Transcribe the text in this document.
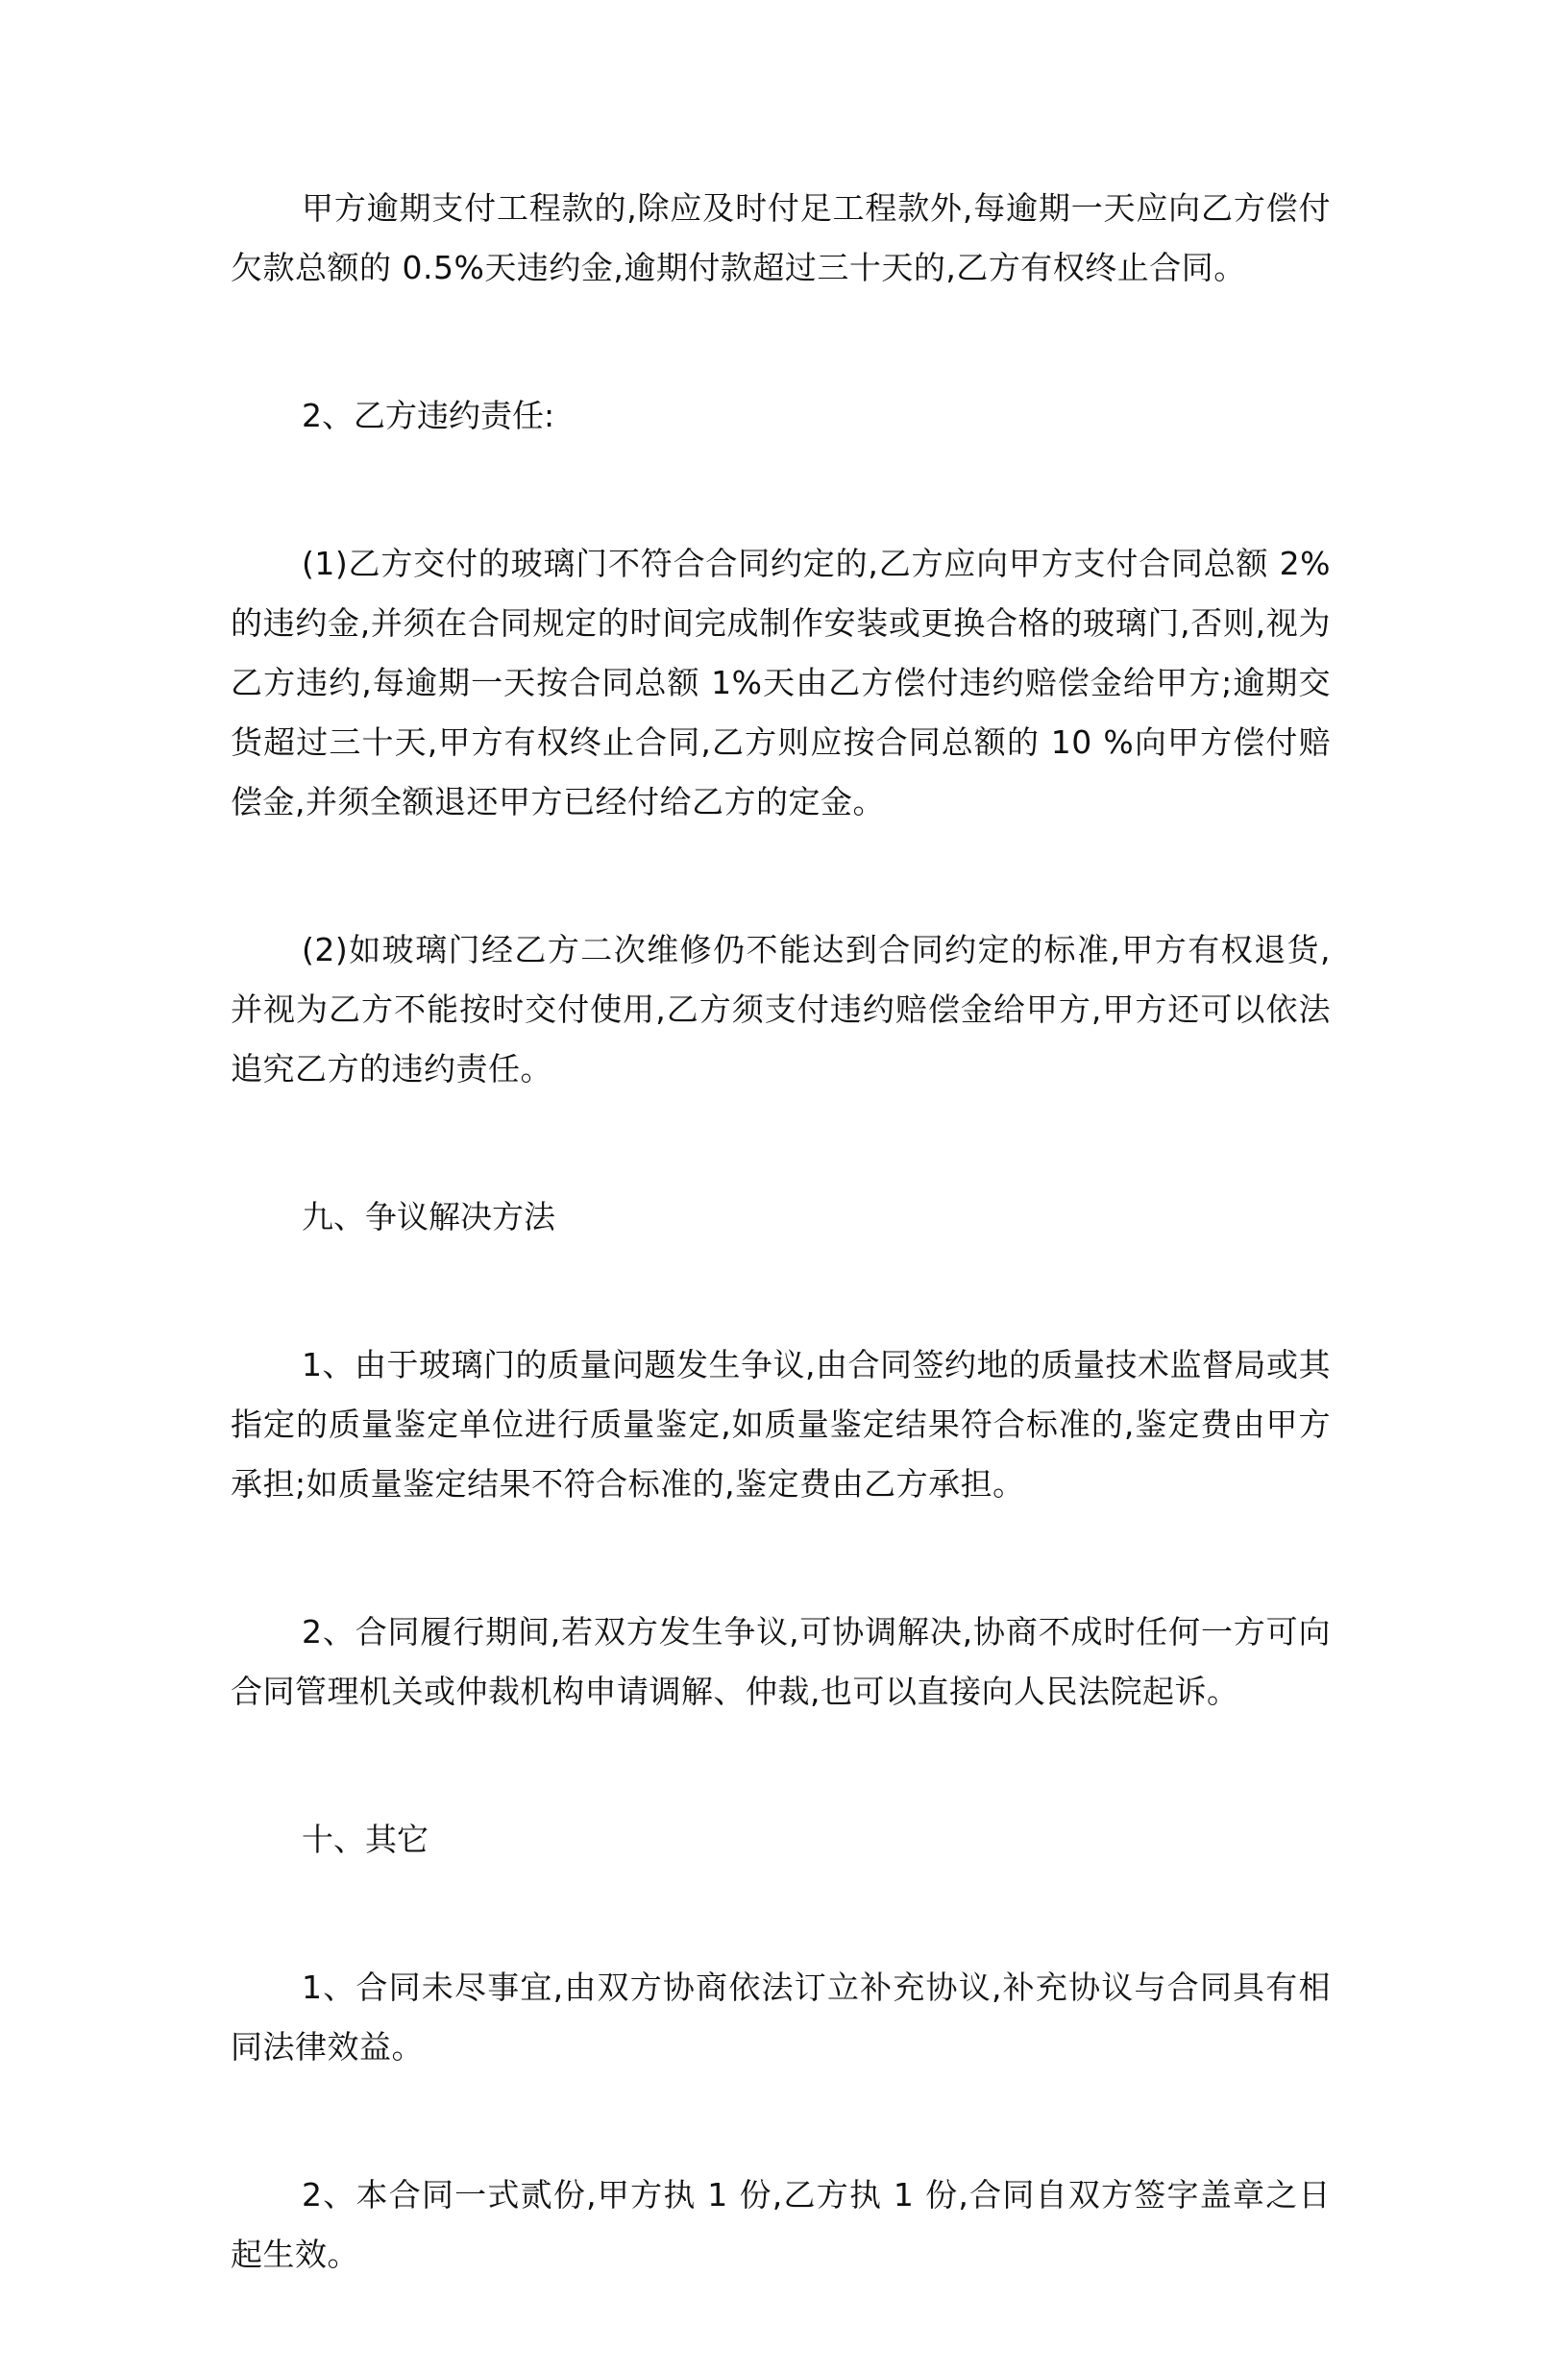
甲方逾期支付工程款的,除应及时付足工程款外,每逾期一天应向乙方偿付欠款总额的 0.5%天违约金,逾期付款超过三十天的,乙方有权终止合同。

2、乙方违约责任:

(1)乙方交付的玻璃门不符合合同约定的,乙方应向甲方支付合同总额 2% 的违约金,并须在合同规定的时间完成制作安装或更换合格的玻璃门,否则,视为乙方违约,每逾期一天按合同总额 1%天由乙方偿付违约赔偿金给甲方;逾期交货超过三十天,甲方有权终止合同,乙方则应按合同总额的 10 %向甲方偿付赔偿金,并须全额退还甲方已经付给乙方的定金。

(2)如玻璃门经乙方二次维修仍不能达到合同约定的标准,甲方有权退货,并视为乙方不能按时交付使用,乙方须支付违约赔偿金给甲方,甲方还可以依法追究乙方的违约责任。

九、争议解决方法

1、由于玻璃门的质量问题发生争议,由合同签约地的质量技术监督局或其指定的质量鉴定单位进行质量鉴定,如质量鉴定结果符合标准的,鉴定费由甲方承担;如质量鉴定结果不符合标准的,鉴定费由乙方承担。

2、合同履行期间,若双方发生争议,可协调解决,协商不成时任何一方可向合同管理机关或仲裁机构申请调解、仲裁,也可以直接向人民法院起诉。

十、其它

1、合同未尽事宜,由双方协商依法订立补充协议,补充协议与合同具有相同法律效益。

2、本合同一式贰份,甲方执 1 份,乙方执 1 份,合同自双方签字盖章之日起生效。
